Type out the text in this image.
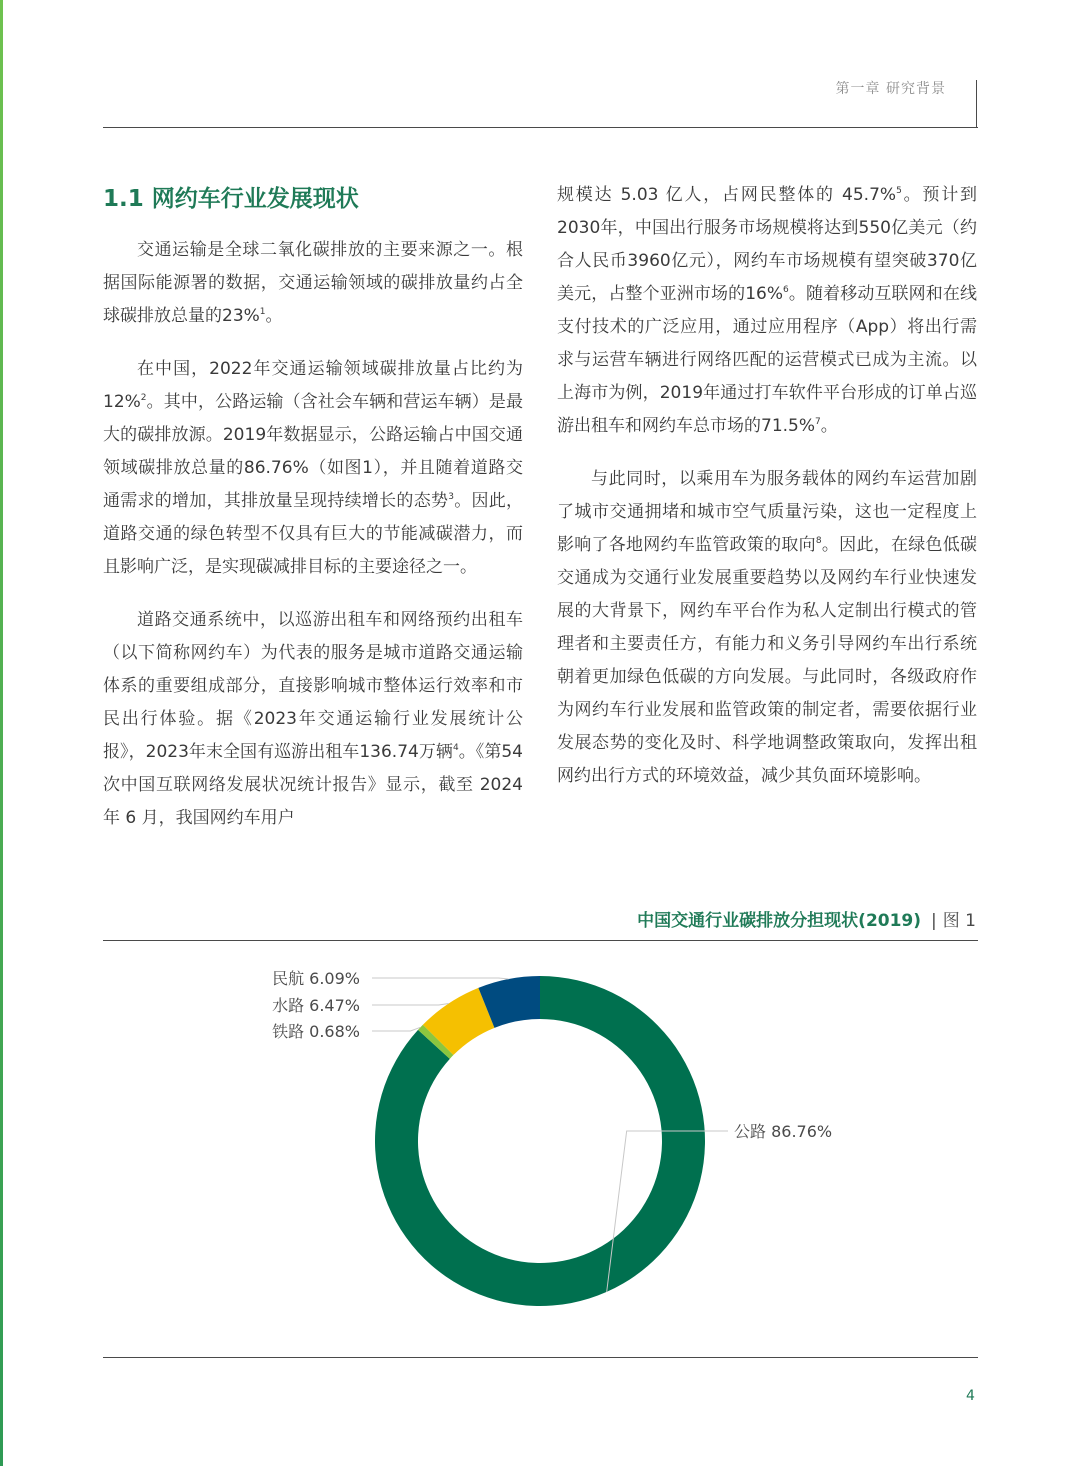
第一章 研究背景
1.1 网约车行业发展现状

交通运输是全球二氧化碳排放的主要来源之一。根据国际能源署的数据，交通运输领域的碳排放量约占全球碳排放总量的23%$^1$。

在中国，2022年交通运输领域碳排放量占比约为12%$^2$。其中，公路运输（含社会车辆和营运车辆）是最大的碳排放源。2019年数据显示，公路运输占中国交通领域碳排放总量的86.76%（如图1），并且随着道路交通需求的增加，其排放量呈现持续增长的态势$^3$。因此，道路交通的绿色转型不仅具有巨大的节能减碳潜力，而且影响广泛，是实现碳减排目标的主要途径之一。

道路交通系统中，以巡游出租车和网络预约出租车（以下简称网约车）为代表的服务是城市道路交通运输体系的重要组成部分，直接影响城市整体运行效率和市民出行体验。据《2023年交通运输行业发展统计公报》，2023年末全国有巡游出租车136.74万辆$^4$。《第54次中国互联网络发展状况统计报告》显示，截至 2024 年 6 月，我国网约车用户

规模达 5.03 亿人，占网民整体的 45.7%$^5$。预计到2030年，中国出行服务市场规模将达到550亿美元（约合人民币3960亿元），网约车市场规模有望突破370亿美元，占整个亚洲市场的16%$^6$。随着移动互联网和在线支付技术的广泛应用，通过应用程序（App）将出行需求与运营车辆进行网络匹配的运营模式已成为主流。以上海市为例，2019年通过打车软件平台形成的订单占巡游出租车和网约车总市场的71.5%$^7$。

与此同时，以乘用车为服务载体的网约车运营加剧了城市交通拥堵和城市空气质量污染，这也一定程度上影响了各地网约车监管政策的取向$^8$。因此，在绿色低碳交通成为交通行业发展重要趋势以及网约车行业快速发展的大背景下，网约车平台作为私人定制出行模式的管理者和主要责任方，有能力和义务引导网约车出行系统朝着更加绿色低碳的方向发展。与此同时，各级政府作为网约车行业发展和监管政策的制定者，需要依据行业发展态势的变化及时、科学地调整政策取向，发挥出租网约出行方式的环境效益，减少其负面环境影响。

中国交通行业碳排放分担现状(2019) | 图 1
公路 86.76%
铁路 0.68%
水路 6.47%
民航 6.09%
4
